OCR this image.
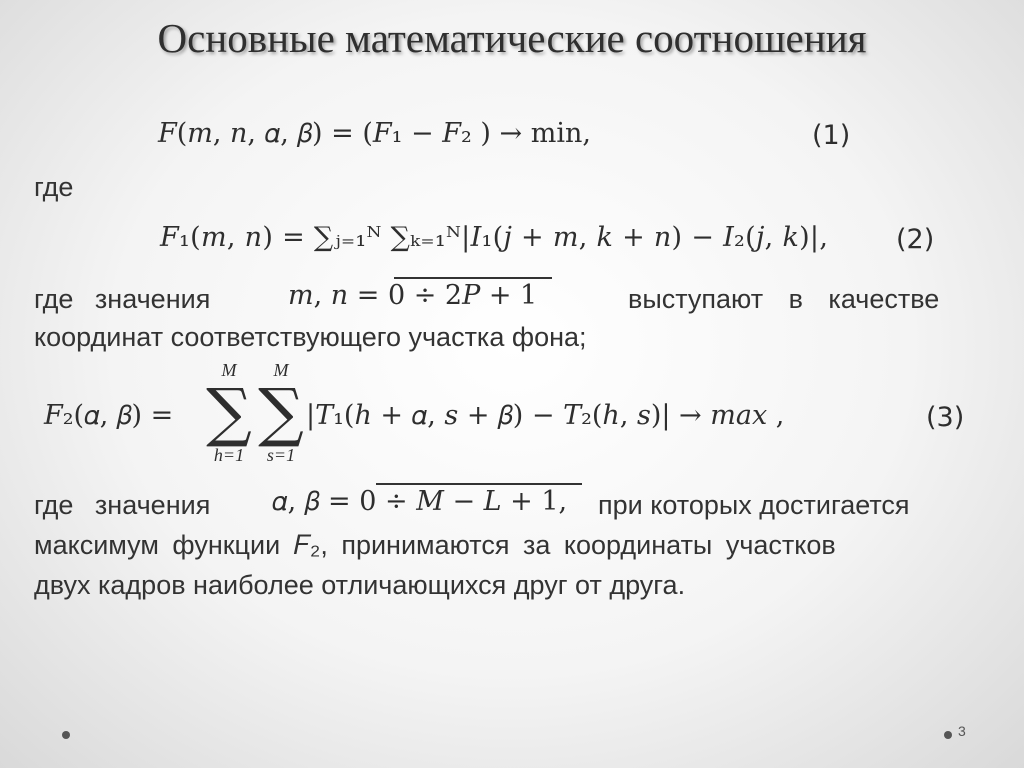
Основные математические соотношения
𝐹(𝑚, 𝑛, 𝛼, 𝛽) = (𝐹₁ − 𝐹₂ ) → min,	(1)
где
𝐹₁(𝑚, 𝑛) = ∑ⱼ₌₁ᴺ ∑ₖ₌₁ᴺ|𝐼₁(𝑗 + 𝑚, 𝑘 + 𝑛) − 𝐼₂(𝑗, 𝑘)|,	(2)
где значения	𝑚, 𝑛 = 0 ÷ 2𝑃 + 1	выступают в качестве
координат соответствующего участка фона;
𝐹₂(𝛼, 𝛽) =
M
∑
h=1
M
∑
s=1
|𝑇₁(ℎ + 𝛼, 𝑠 + 𝛽) − 𝑇₂(ℎ, 𝑠)| → 𝑚𝑎𝑥 ,	(3)
где значения 𝛼, 𝛽 = 0 ÷ 𝑀 − 𝐿 + 1, при которых достигается
максимум функции 𝐹₂, принимаются за координаты участков
двух кадров наиболее отличающихся друг от друга.
3
